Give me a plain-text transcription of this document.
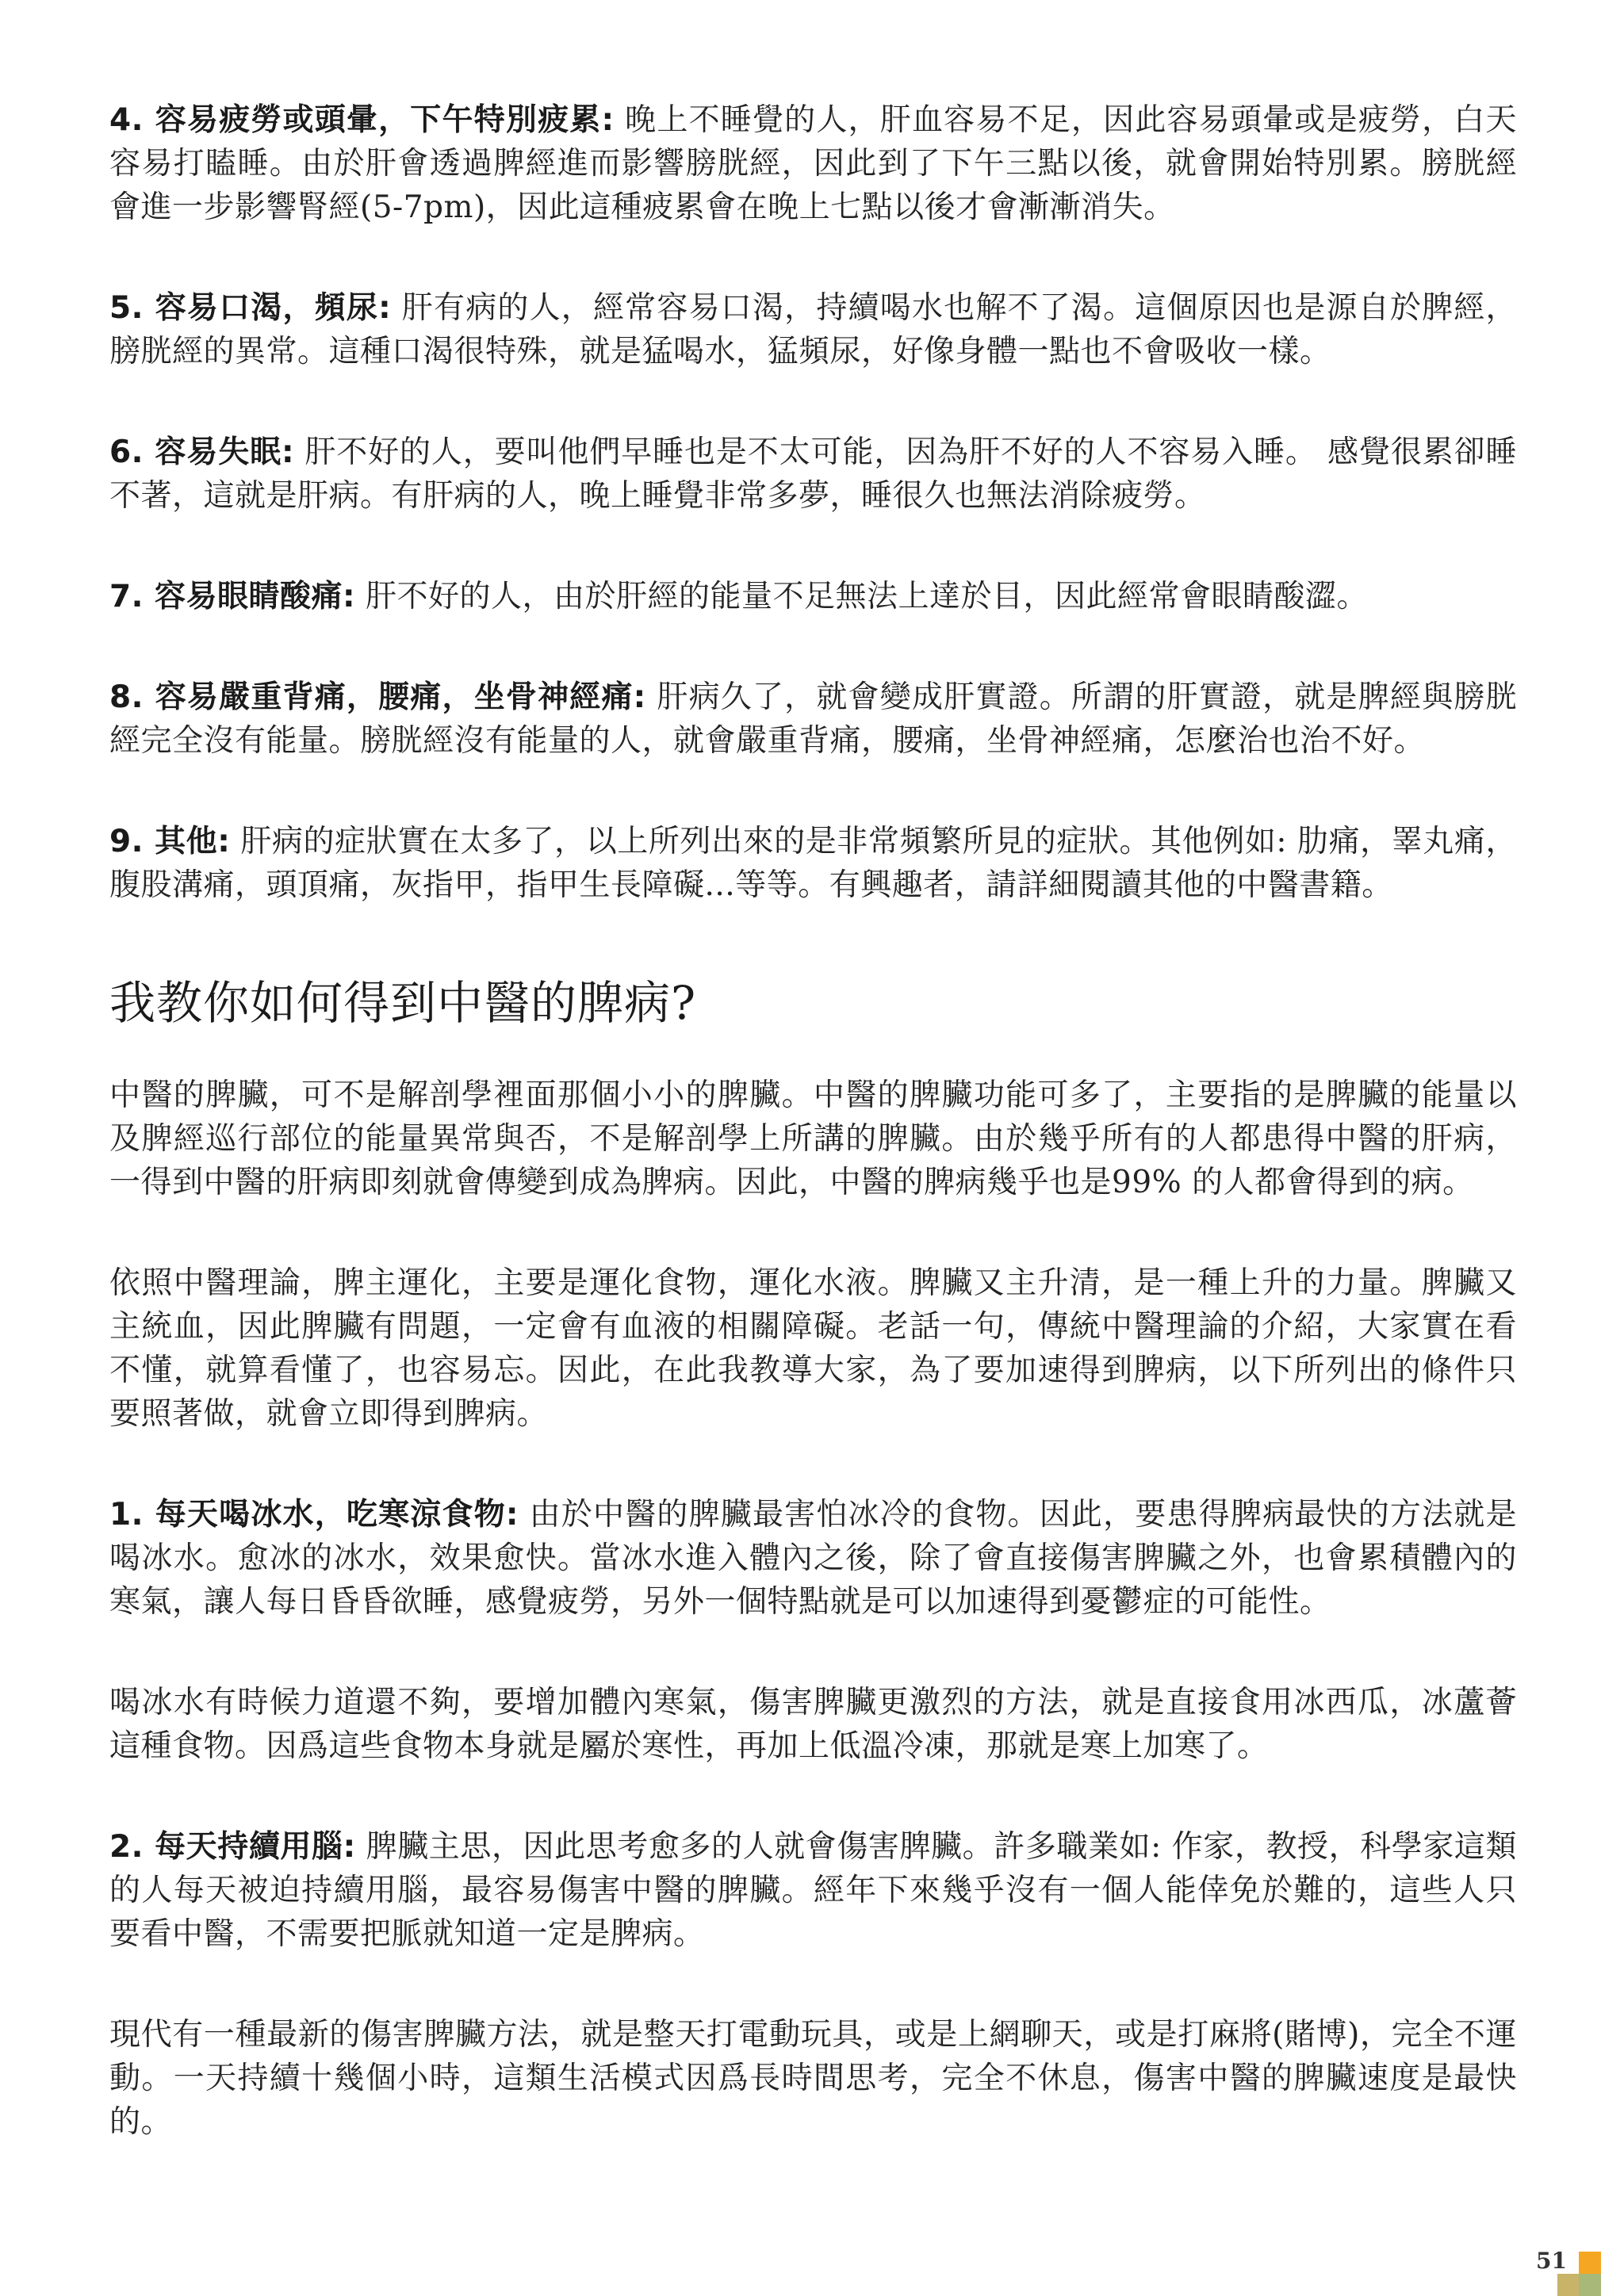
4. 容易疲勞或頭暈，下午特別疲累: 晚上不睡覺的人，肝血容易不足，因此容易頭暈或是疲勞，白天容易打瞌睡。由於肝會透過脾經進而影響膀胱經，因此到了下午三點以後，就會開始特別累。膀胱經會進一步影響腎經(5-7pm)，因此這種疲累會在晚上七點以後才會漸漸消失。

5. 容易口渴，頻尿: 肝有病的人，經常容易口渴，持續喝水也解不了渴。這個原因也是源自於脾經，膀胱經的異常。這種口渴很特殊，就是猛喝水，猛頻尿，好像身體一點也不會吸收一樣。

6. 容易失眠: 肝不好的人，要叫他們早睡也是不太可能，因為肝不好的人不容易入睡。 感覺很累卻睡不著，這就是肝病。有肝病的人，晚上睡覺非常多夢，睡很久也無法消除疲勞。

7. 容易眼睛酸痛: 肝不好的人，由於肝經的能量不足無法上達於目，因此經常會眼睛酸澀。

8. 容易嚴重背痛，腰痛，坐骨神經痛: 肝病久了，就會變成肝實證。所謂的肝實證，就是脾經與膀胱經完全沒有能量。膀胱經沒有能量的人，就會嚴重背痛，腰痛，坐骨神經痛，怎麼治也治不好。

9. 其他: 肝病的症狀實在太多了，以上所列出來的是非常頻繁所見的症狀。其他例如: 肋痛，睪丸痛，腹股溝痛，頭頂痛，灰指甲，指甲生長障礙...等等。有興趣者，請詳細閱讀其他的中醫書籍。

我教你如何得到中醫的脾病?

中醫的脾臟，可不是解剖學裡面那個小小的脾臟。中醫的脾臟功能可多了，主要指的是脾臟的能量以及脾經巡行部位的能量異常與否，不是解剖學上所講的脾臟。由於幾乎所有的人都患得中醫的肝病，一得到中醫的肝病即刻就會傳變到成為脾病。因此，中醫的脾病幾乎也是99% 的人都會得到的病。

依照中醫理論，脾主運化，主要是運化食物，運化水液。脾臟又主升清，是一種上升的力量。脾臟又主統血，因此脾臟有問題，一定會有血液的相關障礙。老話一句，傳統中醫理論的介紹，大家實在看不懂，就算看懂了，也容易忘。因此，在此我教導大家，為了要加速得到脾病，以下所列出的條件只要照著做，就會立即得到脾病。

1. 每天喝冰水，吃寒涼食物: 由於中醫的脾臟最害怕冰冷的食物。因此，要患得脾病最快的方法就是喝冰水。愈冰的冰水，效果愈快。當冰水進入體內之後，除了會直接傷害脾臟之外，也會累積體內的寒氣，讓人每日昏昏欲睡，感覺疲勞，另外一個特點就是可以加速得到憂鬱症的可能性。

喝冰水有時候力道還不夠，要增加體內寒氣，傷害脾臟更激烈的方法，就是直接食用冰西瓜，冰蘆薈這種食物。因爲這些食物本身就是屬於寒性，再加上低溫冷凍，那就是寒上加寒了。

2. 每天持續用腦: 脾臟主思，因此思考愈多的人就會傷害脾臟。許多職業如: 作家，教授，科學家這類的人每天被迫持續用腦，最容易傷害中醫的脾臟。經年下來幾乎沒有一個人能倖免於難的，這些人只要看中醫，不需要把脈就知道一定是脾病。

現代有一種最新的傷害脾臟方法，就是整天打電動玩具，或是上網聊天，或是打麻將(賭博)，完全不運動。一天持續十幾個小時，這類生活模式因爲長時間思考，完全不休息，傷害中醫的脾臟速度是最快的。

51
